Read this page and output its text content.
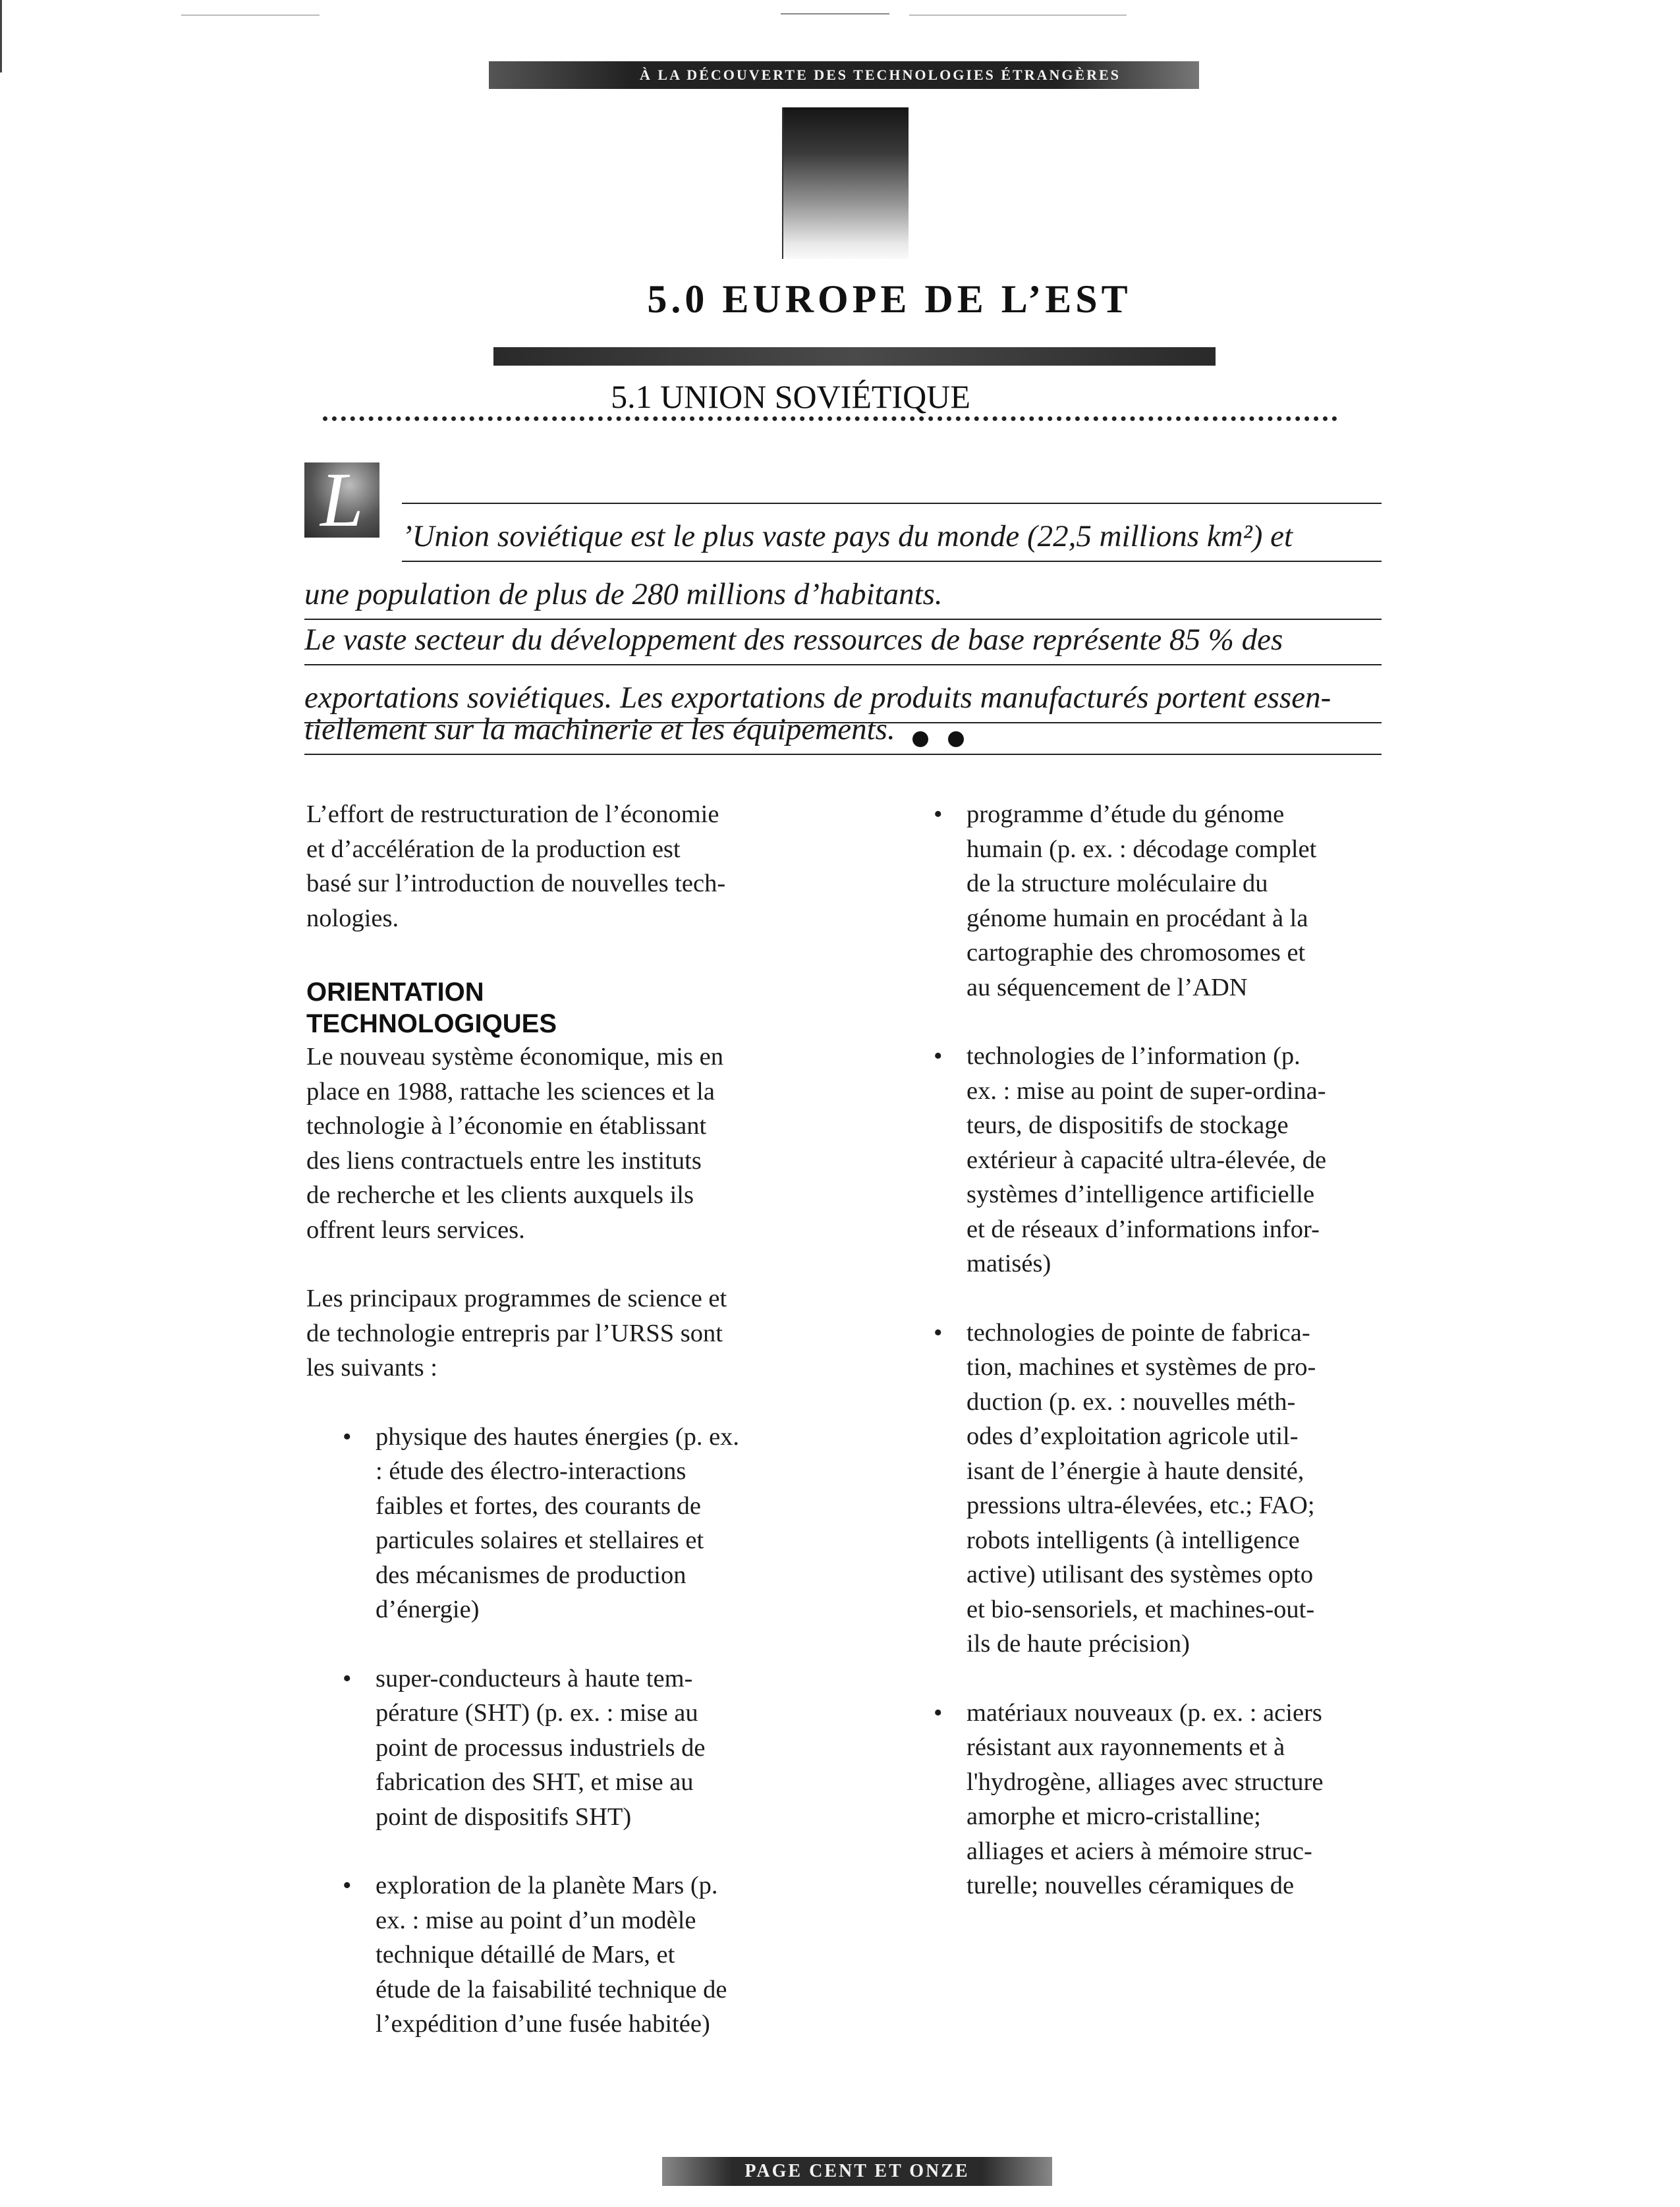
À LA DÉCOUVERTE DES TECHNOLOGIES ÉTRANGÈRES
5.0 EUROPE DE L’EST
5.1 UNION SOVIÉTIQUE
L	’Union soviétique est le plus vaste pays du monde (22,5 millions km²) et
une population de plus de 280 millions d’habitants.
Le vaste secteur du développement des ressources de base représente 85 % des
exportations soviétiques. Les exportations de produits manufacturés portent essen-
tiellement sur la machinerie et les équipements.

L’effort de restructuration de l’économie
et d’accélération de la production est
basé sur l’introduction de nouvelles tech-
nologies.

ORIENTATION
TECHNOLOGIQUES

Le nouveau système économique, mis en
place en 1988, rattache les sciences et la
technologie à l’économie en établissant
des liens contractuels entre les instituts
de recherche et les clients auxquels ils
offrent leurs services.

Les principaux programmes de science et
de technologie entrepris par l’URSS sont
les suivants :

• physique des hautes énergies (p. ex.
: étude des électro-interactions
faibles et fortes, des courants de
particules solaires et stellaires et
des mécanismes de production
d’énergie)

• super-conducteurs à haute tem-
pérature (SHT) (p. ex. : mise au
point de processus industriels de
fabrication des SHT, et mise au
point de dispositifs SHT)

• exploration de la planète Mars (p.
ex. : mise au point d’un modèle
technique détaillé de Mars, et
étude de la faisabilité technique de
l’expédition d’une fusée habitée)

• programme d’étude du génome
humain (p. ex. : décodage complet
de la structure moléculaire du
génome humain en procédant à la
cartographie des chromosomes et
au séquencement de l’ADN

• technologies de l’information (p.
ex. : mise au point de super-ordina-
teurs, de dispositifs de stockage
extérieur à capacité ultra-élevée, de
systèmes d’intelligence artificielle
et de réseaux d’informations infor-
matisés)

• technologies de pointe de fabrica-
tion, machines et systèmes de pro-
duction (p. ex. : nouvelles méth-
odes d’exploitation agricole util-
isant de l’énergie à haute densité,
pressions ultra-élevées, etc.; FAO;
robots intelligents (à intelligence
active) utilisant des systèmes opto
et bio-sensoriels, et machines-out-
ils de haute précision)

• matériaux nouveaux (p. ex. : aciers
résistant aux rayonnements et à
l'hydrogène, alliages avec structure
amorphe et micro-cristalline;
alliages et aciers à mémoire struc-
turelle; nouvelles céramiques de

PAGE CENT ET ONZE
